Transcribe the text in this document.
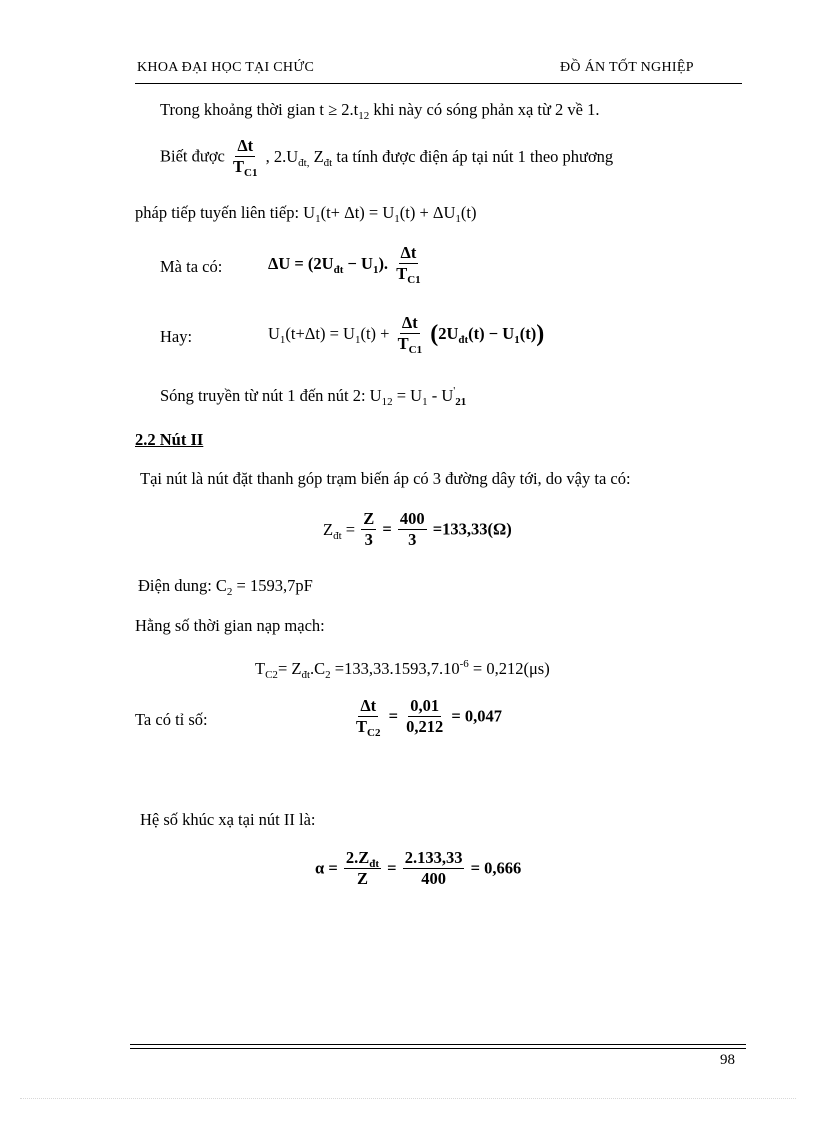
KHOA ĐẠI HỌC TẠI CHỨC	ĐỒ ÁN TỐT NGHIỆP
Trong khoảng thời gian $t \ge 2.t_{12}$ khi này có sóng phản xạ từ 2 về 1.
Biết được $\frac{\Delta t}{T_{C1}}$ , $2.U_{đt,}$ $Z_{đt}$ ta tính được điện áp tại nút 1 theo phương
pháp tiếp tuyến liên tiếp: $U_1(t+ \Delta t) = U_1(t) + \Delta U_1(t)$
Mà ta có:	$\Delta U = (2U_{đt} - U_1)$. $\frac{\Delta t}{T_{C1}}$
Hay:	$U_1(t+\Delta t) = U_1(t) + \frac{\Delta t}{T_{C1}} (2U_{đt}(t) - U_1(t))$
Sóng truyền từ nút 1 đến nút 2: $U_{12} = U_1 - U'_{21}$
2.2 Nút II
Tại nút là nút đặt thanh góp trạm biến áp có 3 đường dây tới, do vậy ta có:
$Z_{đt} = \frac{Z}{3} = \frac{400}{3} =133,33(\Omega)$
Điện dung: $C_2 = 1593,7pF$
Hằng số thời gian nạp mạch:
$T_{C2}= Z_{đt}.C_2 =133,33.1593,7.10^{-6} = 0,212(\mu s)$
Ta có tỉ số:	$\frac{\Delta t}{T_{C2}} = \frac{0,01}{0,212} = 0,047$
Hệ số khúc xạ tại nút II là:
$\alpha = \frac{2.Z_{đt}}{Z} = \frac{2.133,33}{400} = 0,666$
98
